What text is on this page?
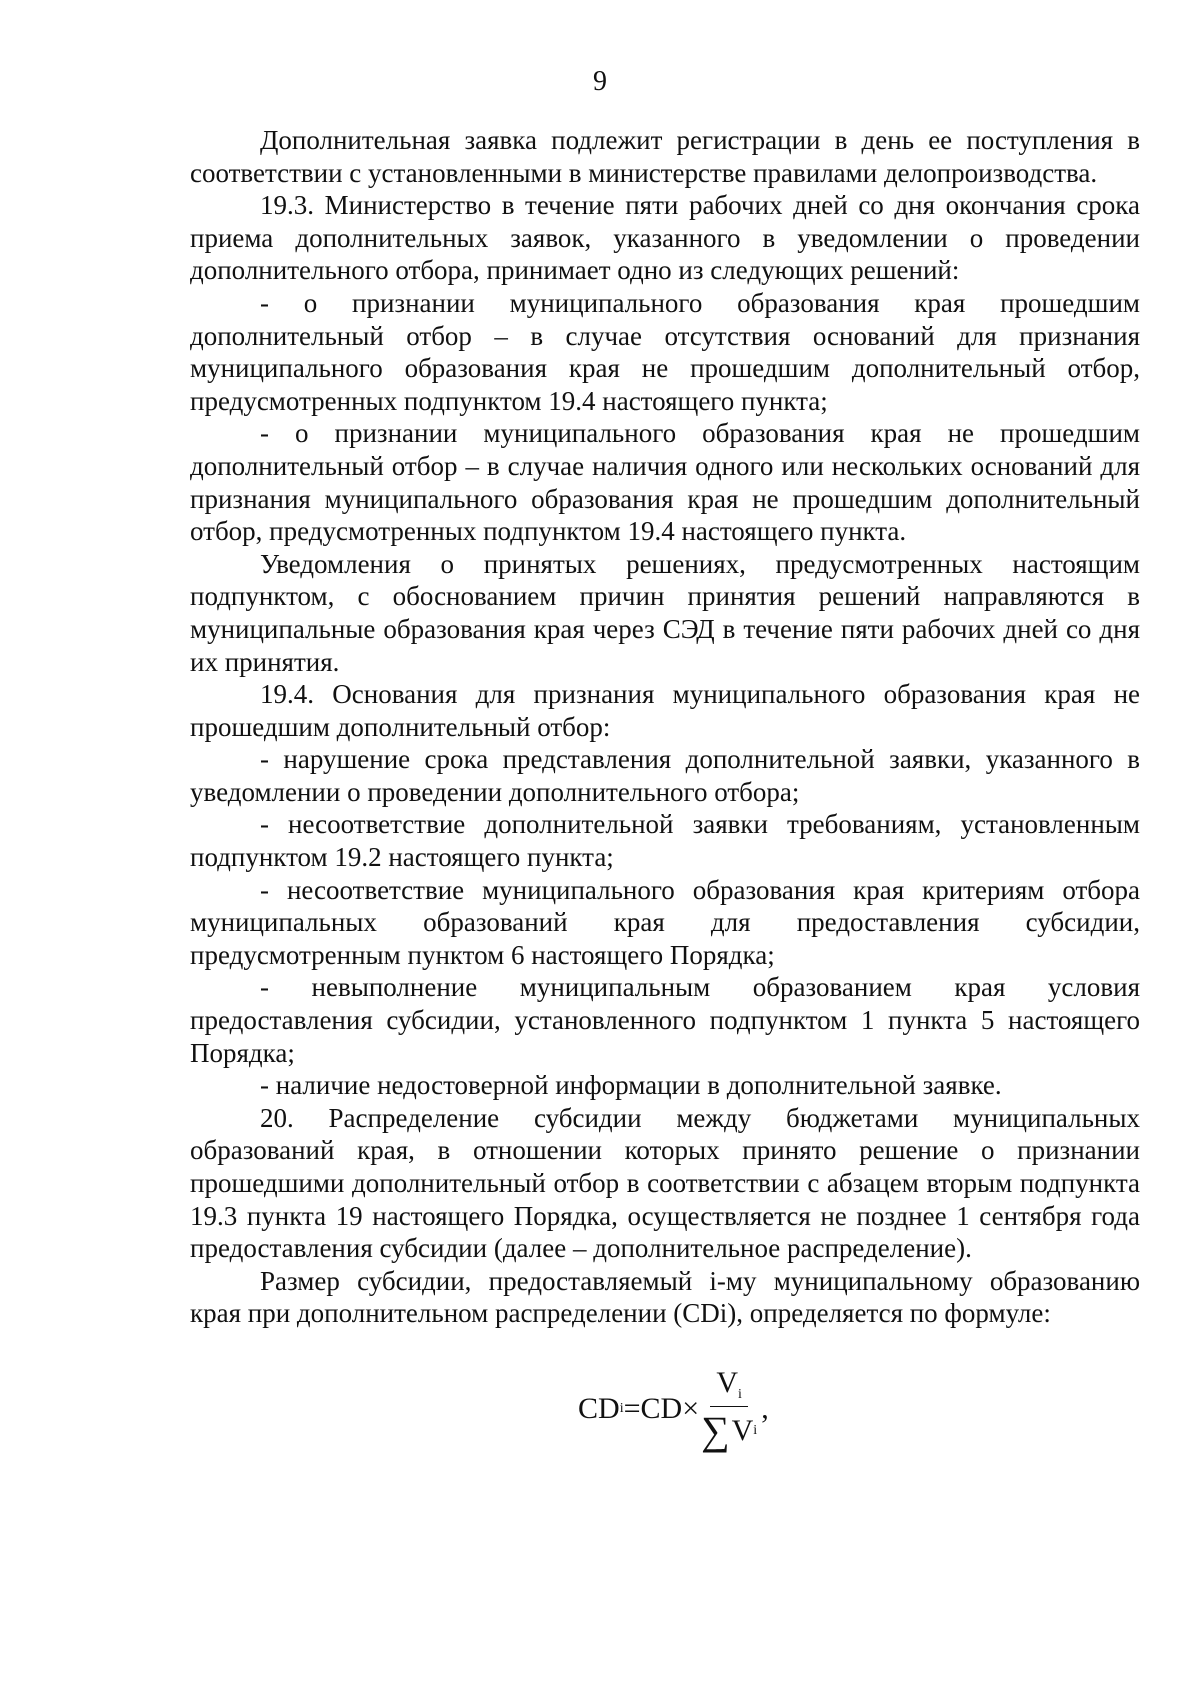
9

Дополнительная заявка подлежит регистрации в день ее поступления в соответствии с установленными в министерстве правилами делопроизводства.

19.3. Министерство в течение пяти рабочих дней со дня окончания срока приема дополнительных заявок, указанного в уведомлении о проведении дополнительного отбора, принимает одно из следующих решений:

- о признании муниципального образования края прошедшим дополнительный отбор – в случае отсутствия оснований для признания муниципального образования края не прошедшим дополнительный отбор, предусмотренных подпунктом 19.4 настоящего пункта;

- о признании муниципального образования края не прошедшим дополнительный отбор – в случае наличия одного или нескольких оснований для признания муниципального образования края не прошедшим дополнительный отбор, предусмотренных подпунктом 19.4 настоящего пункта.

Уведомления о принятых решениях, предусмотренных настоящим подпунктом, с обоснованием причин принятия решений направляются в муниципальные образования края через СЭД в течение пяти рабочих дней со дня их принятия.

19.4. Основания для признания муниципального образования края не прошедшим дополнительный отбор:

- нарушение срока представления дополнительной заявки, указанного в уведомлении о проведении дополнительного отбора;

- несоответствие дополнительной заявки требованиям, установленным подпунктом 19.2 настоящего пункта;

- несоответствие муниципального образования края критериям отбора муниципальных образований края для предоставления субсидии, предусмотренным пунктом 6 настоящего Порядка;

- невыполнение муниципальным образованием края условия предоставления субсидии, установленного подпунктом 1 пункта 5 настоящего Порядка;

- наличие недостоверной информации в дополнительной заявке.

20. Распределение субсидии между бюджетами муниципальных образований края, в отношении которых принято решение о признании прошедшими дополнительный отбор в соответствии с абзацем вторым подпункта 19.3 пункта 19 настоящего Порядка, осуществляется не позднее 1 сентября года предоставления субсидии (далее – дополнительное распределение).

Размер субсидии, предоставляемый i-му муниципальному образованию края при дополнительном распределении (CDi), определяется по формуле:

CD i = CD × $\frac{V_i}{\text{∑ V i}}$ ,
